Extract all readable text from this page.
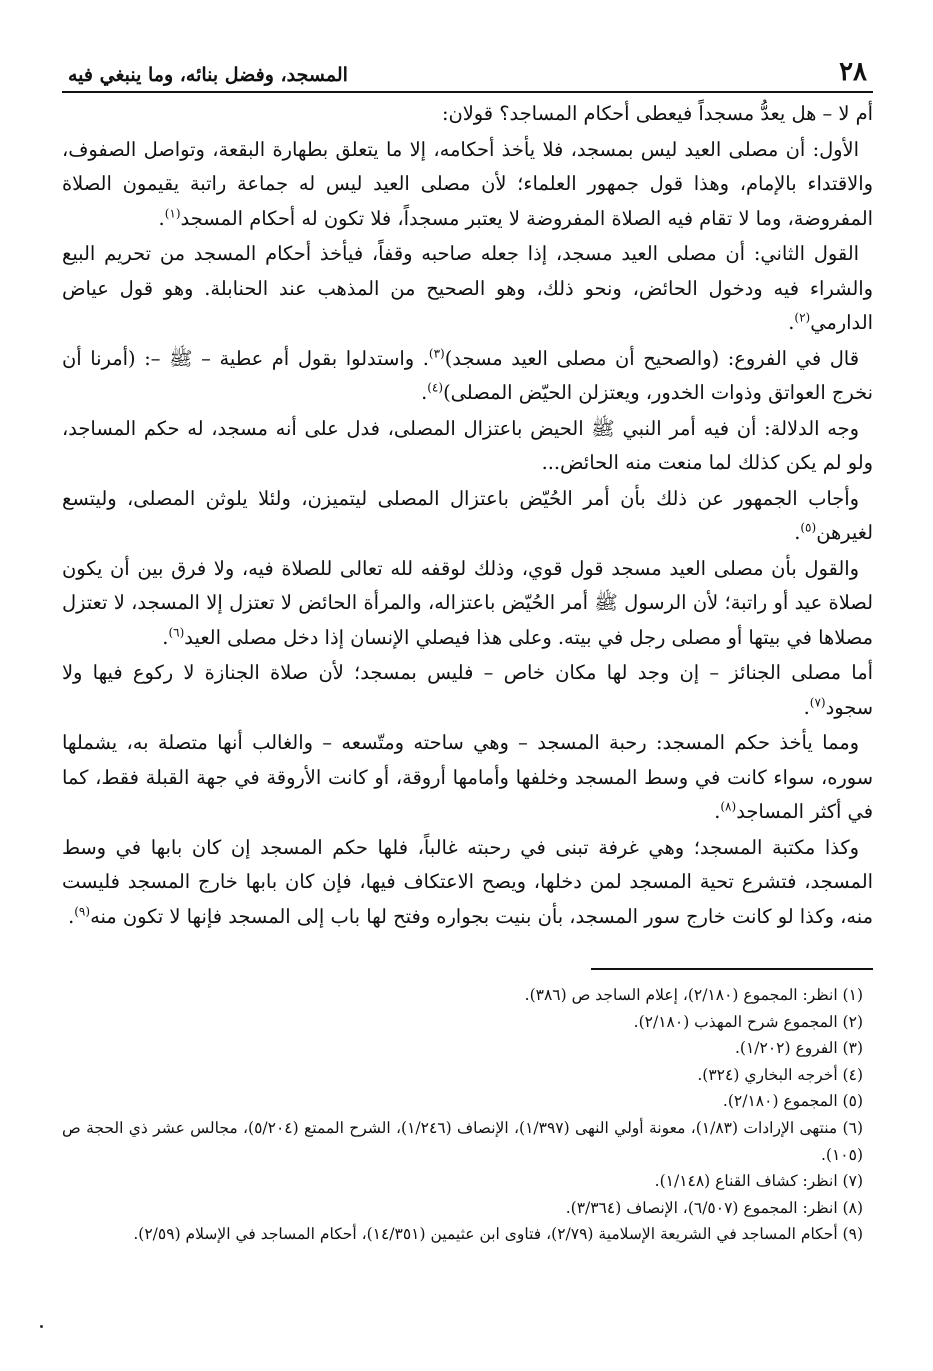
٢٨
المسجد، وفضل بنائه، وما ينبغي فيه

أم لا – هل يعدُّ مسجداً فيعطى أحكام المساجد؟ قولان:

الأول: أن مصلى العيد ليس بمسجد، فلا يأخذ أحكامه، إلا ما يتعلق بطهارة البقعة، وتواصل الصفوف، والاقتداء بالإمام، وهذا قول جمهور العلماء؛ لأن مصلى العيد ليس له جماعة راتبة يقيمون الصلاة المفروضة، وما لا تقام فيه الصلاة المفروضة لا يعتبر مسجداً، فلا تكون له أحكام المسجد$^{(١)}$.

القول الثاني: أن مصلى العيد مسجد، إذا جعله صاحبه وقفاً، فيأخذ أحكام المسجد من تحريم البيع والشراء فيه ودخول الحائض، ونحو ذلك، وهو الصحيح من المذهب عند الحنابلة. وهو قول عياض الدارمي$^{(٢)}$.

قال في الفروع: (والصحيح أن مصلى العيد مسجد)$^{(٣)}$. واستدلوا بقول أم عطية – ﷺ –: (أمرنا أن نخرج العواتق وذوات الخدور، ويعتزلن الحيّض المصلى)$^{(٤)}$.

وجه الدلالة: أن فيه أمر النبي ﷺ الحيض باعتزال المصلى، فدل على أنه مسجد، له حكم المساجد، ولو لم يكن كذلك لما منعت منه الحائض...

وأجاب الجمهور عن ذلك بأن أمر الحُيّض باعتزال المصلى ليتميزن، ولئلا يلوثن المصلى، وليتسع لغيرهن$^{(٥)}$.

والقول بأن مصلى العيد مسجد قول قوي، وذلك لوقفه لله تعالى للصلاة فيه، ولا فرق بين أن يكون لصلاة عيد أو راتبة؛ لأن الرسول ﷺ أمر الحُيّض باعتزاله، والمرأة الحائض لا تعتزل إلا المسجد، لا تعتزل مصلاها في بيتها أو مصلى رجل في بيته. وعلى هذا فيصلي الإنسان إذا دخل مصلى العيد$^{(٦)}$.

أما مصلى الجنائز – إن وجد لها مكان خاص – فليس بمسجد؛ لأن صلاة الجنازة لا ركوع فيها ولا سجود$^{(٧)}$.

ومما يأخذ حكم المسجد: رحبة المسجد – وهي ساحته ومتّسعه – والغالب أنها متصلة به، يشملها سوره، سواء كانت في وسط المسجد وخلفها وأمامها أروقة، أو كانت الأروقة في جهة القبلة فقط، كما في أكثر المساجد$^{(٨)}$.

وكذا مكتبة المسجد؛ وهي غرفة تبنى في رحبته غالباً، فلها حكم المسجد إن كان بابها في وسط المسجد، فتشرع تحية المسجد لمن دخلها، ويصح الاعتكاف فيها، فإن كان بابها خارج المسجد فليست منه، وكذا لو كانت خارج سور المسجد، بأن بنيت بجواره وفتح لها باب إلى المسجد فإنها لا تكون منه$^{(٩)}$.

(١) انظر: المجموع (٢/١٨٠)، إعلام الساجد ص (٣٨٦).
(٢) المجموع شرح المهذب (٢/١٨٠).
(٣) الفروع (١/٢٠٢).
(٤) أخرجه البخاري (٣٢٤).
(٥) المجموع (٢/١٨٠).
(٦) منتهى الإرادات (١/٨٣)، معونة أولي النهى (١/٣٩٧)، الإنصاف (١/٢٤٦)، الشرح الممتع (٥/٢٠٤)، مجالس عشر ذي الحجة ص (١٠٥).
(٧) انظر: كشاف القناع (١/١٤٨).
(٨) انظر: المجموع (٦/٥٠٧)، الإنصاف (٣/٣٦٤).
(٩) أحكام المساجد في الشريعة الإسلامية (٢/٧٩)، فتاوى ابن عثيمين (١٤/٣٥١)، أحكام المساجد في الإسلام (٢/٥٩).
